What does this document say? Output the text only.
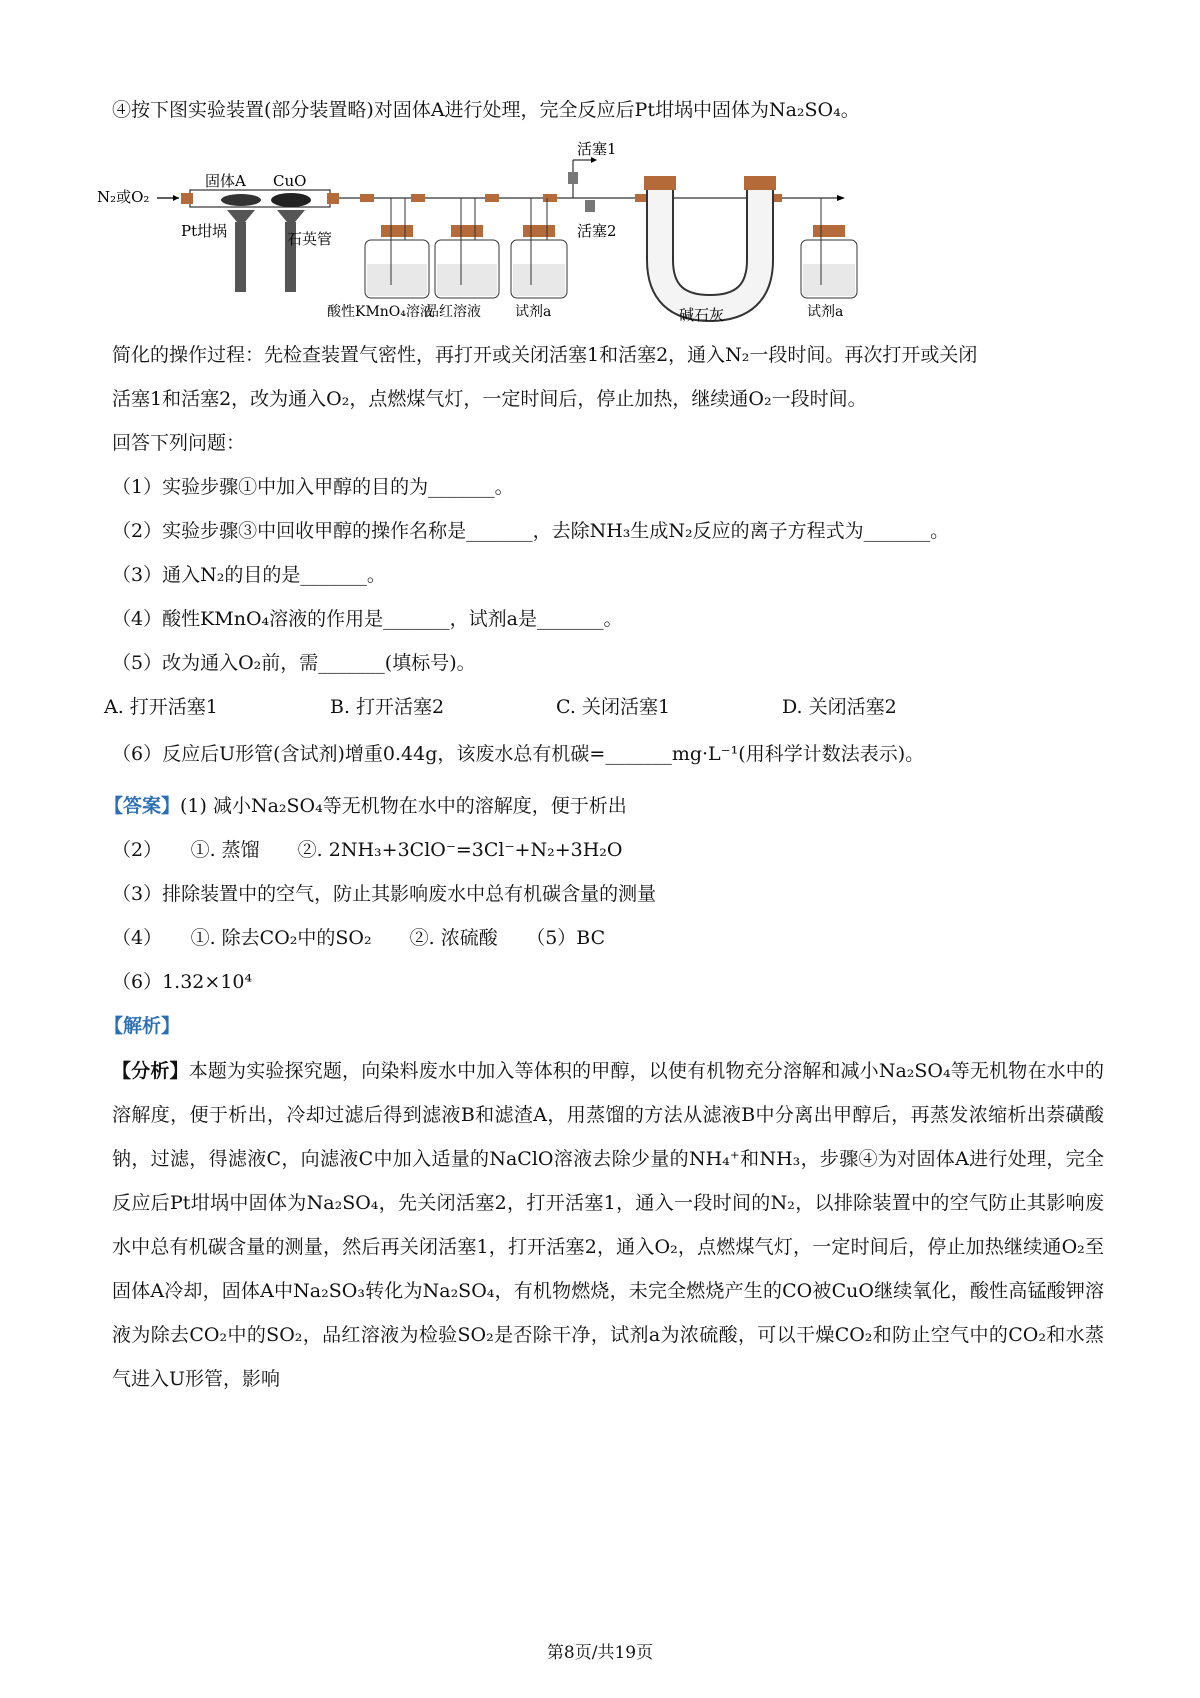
④按下图实验装置(部分装置略)对固体A进行处理，完全反应后Pt坩埚中固体为Na₂SO₄。
N₂或O₂
固体A CuO
Pt坩埚	石英管
酸性KMnO₄溶液
品红溶液 试剂a
活塞1
活塞2
碱石灰	试剂a
简化的操作过程：先检查装置气密性，再打开或关闭活塞1和活塞2，通入N₂一段时间。再次打开或关闭
活塞1和活塞2，改为通入O₂，点燃煤气灯，一定时间后，停止加热，继续通O₂一段时间。
回答下列问题：
（1）实验步骤①中加入甲醇的目的为_______。
（2）实验步骤③中回收甲醇的操作名称是_______，去除NH₃生成N₂反应的离子方程式为_______。
（3）通入N₂的目的是_______。
（4）酸性KMnO₄溶液的作用是_______，试剂a是_______。
（5）改为通入O₂前，需_______(填标号)。
A. 打开活塞1	B. 打开活塞2	C. 关闭活塞1	D. 关闭活塞2
（6）反应后U形管(含试剂)增重0.44g，该废水总有机碳=_______mg·L⁻¹(用科学计数法表示)。
【答案】(1) 减小Na₂SO₄等无机物在水中的溶解度，便于析出
（2）　　①. 蒸馏　　②. 2NH₃+3ClO⁻=3Cl⁻+N₂+3H₂O
（3）排除装置中的空气，防止其影响废水中总有机碳含量的测量
（4）　　①. 除去CO₂中的SO₂　　②. 浓硫酸　　（5）BC
（6）1.32×10⁴
【解析】
【分析】本题为实验探究题，向染料废水中加入等体积的甲醇，以使有机物充分溶解和减小Na₂SO₄等无机物在水中的溶解度，便于析出，冷却过滤后得到滤液B和滤渣A，用蒸馏的方法从滤液B中分离出甲醇后，再蒸发浓缩析出萘磺酸钠，过滤，得滤液C，向滤液C中加入适量的NaClO溶液去除少量的NH₄⁺和NH₃，步骤④为对固体A进行处理，完全反应后Pt坩埚中固体为Na₂SO₄，先关闭活塞2，打开活塞1，通入一段时间的N₂，以排除装置中的空气防止其影响废水中总有机碳含量的测量，然后再关闭活塞1，打开活塞2，通入O₂，点燃煤气灯，一定时间后，停止加热继续通O₂至固体A冷却，固体A中Na₂SO₃转化为Na₂SO₄，有机物燃烧，未完全燃烧产生的CO被CuO继续氧化，酸性高锰酸钾溶液为除去CO₂中的SO₂，品红溶液为检验SO₂是否除干净，试剂a为浓硫酸，可以干燥CO₂和防止空气中的CO₂和水蒸气进入U形管，影响
第8页/共19页
